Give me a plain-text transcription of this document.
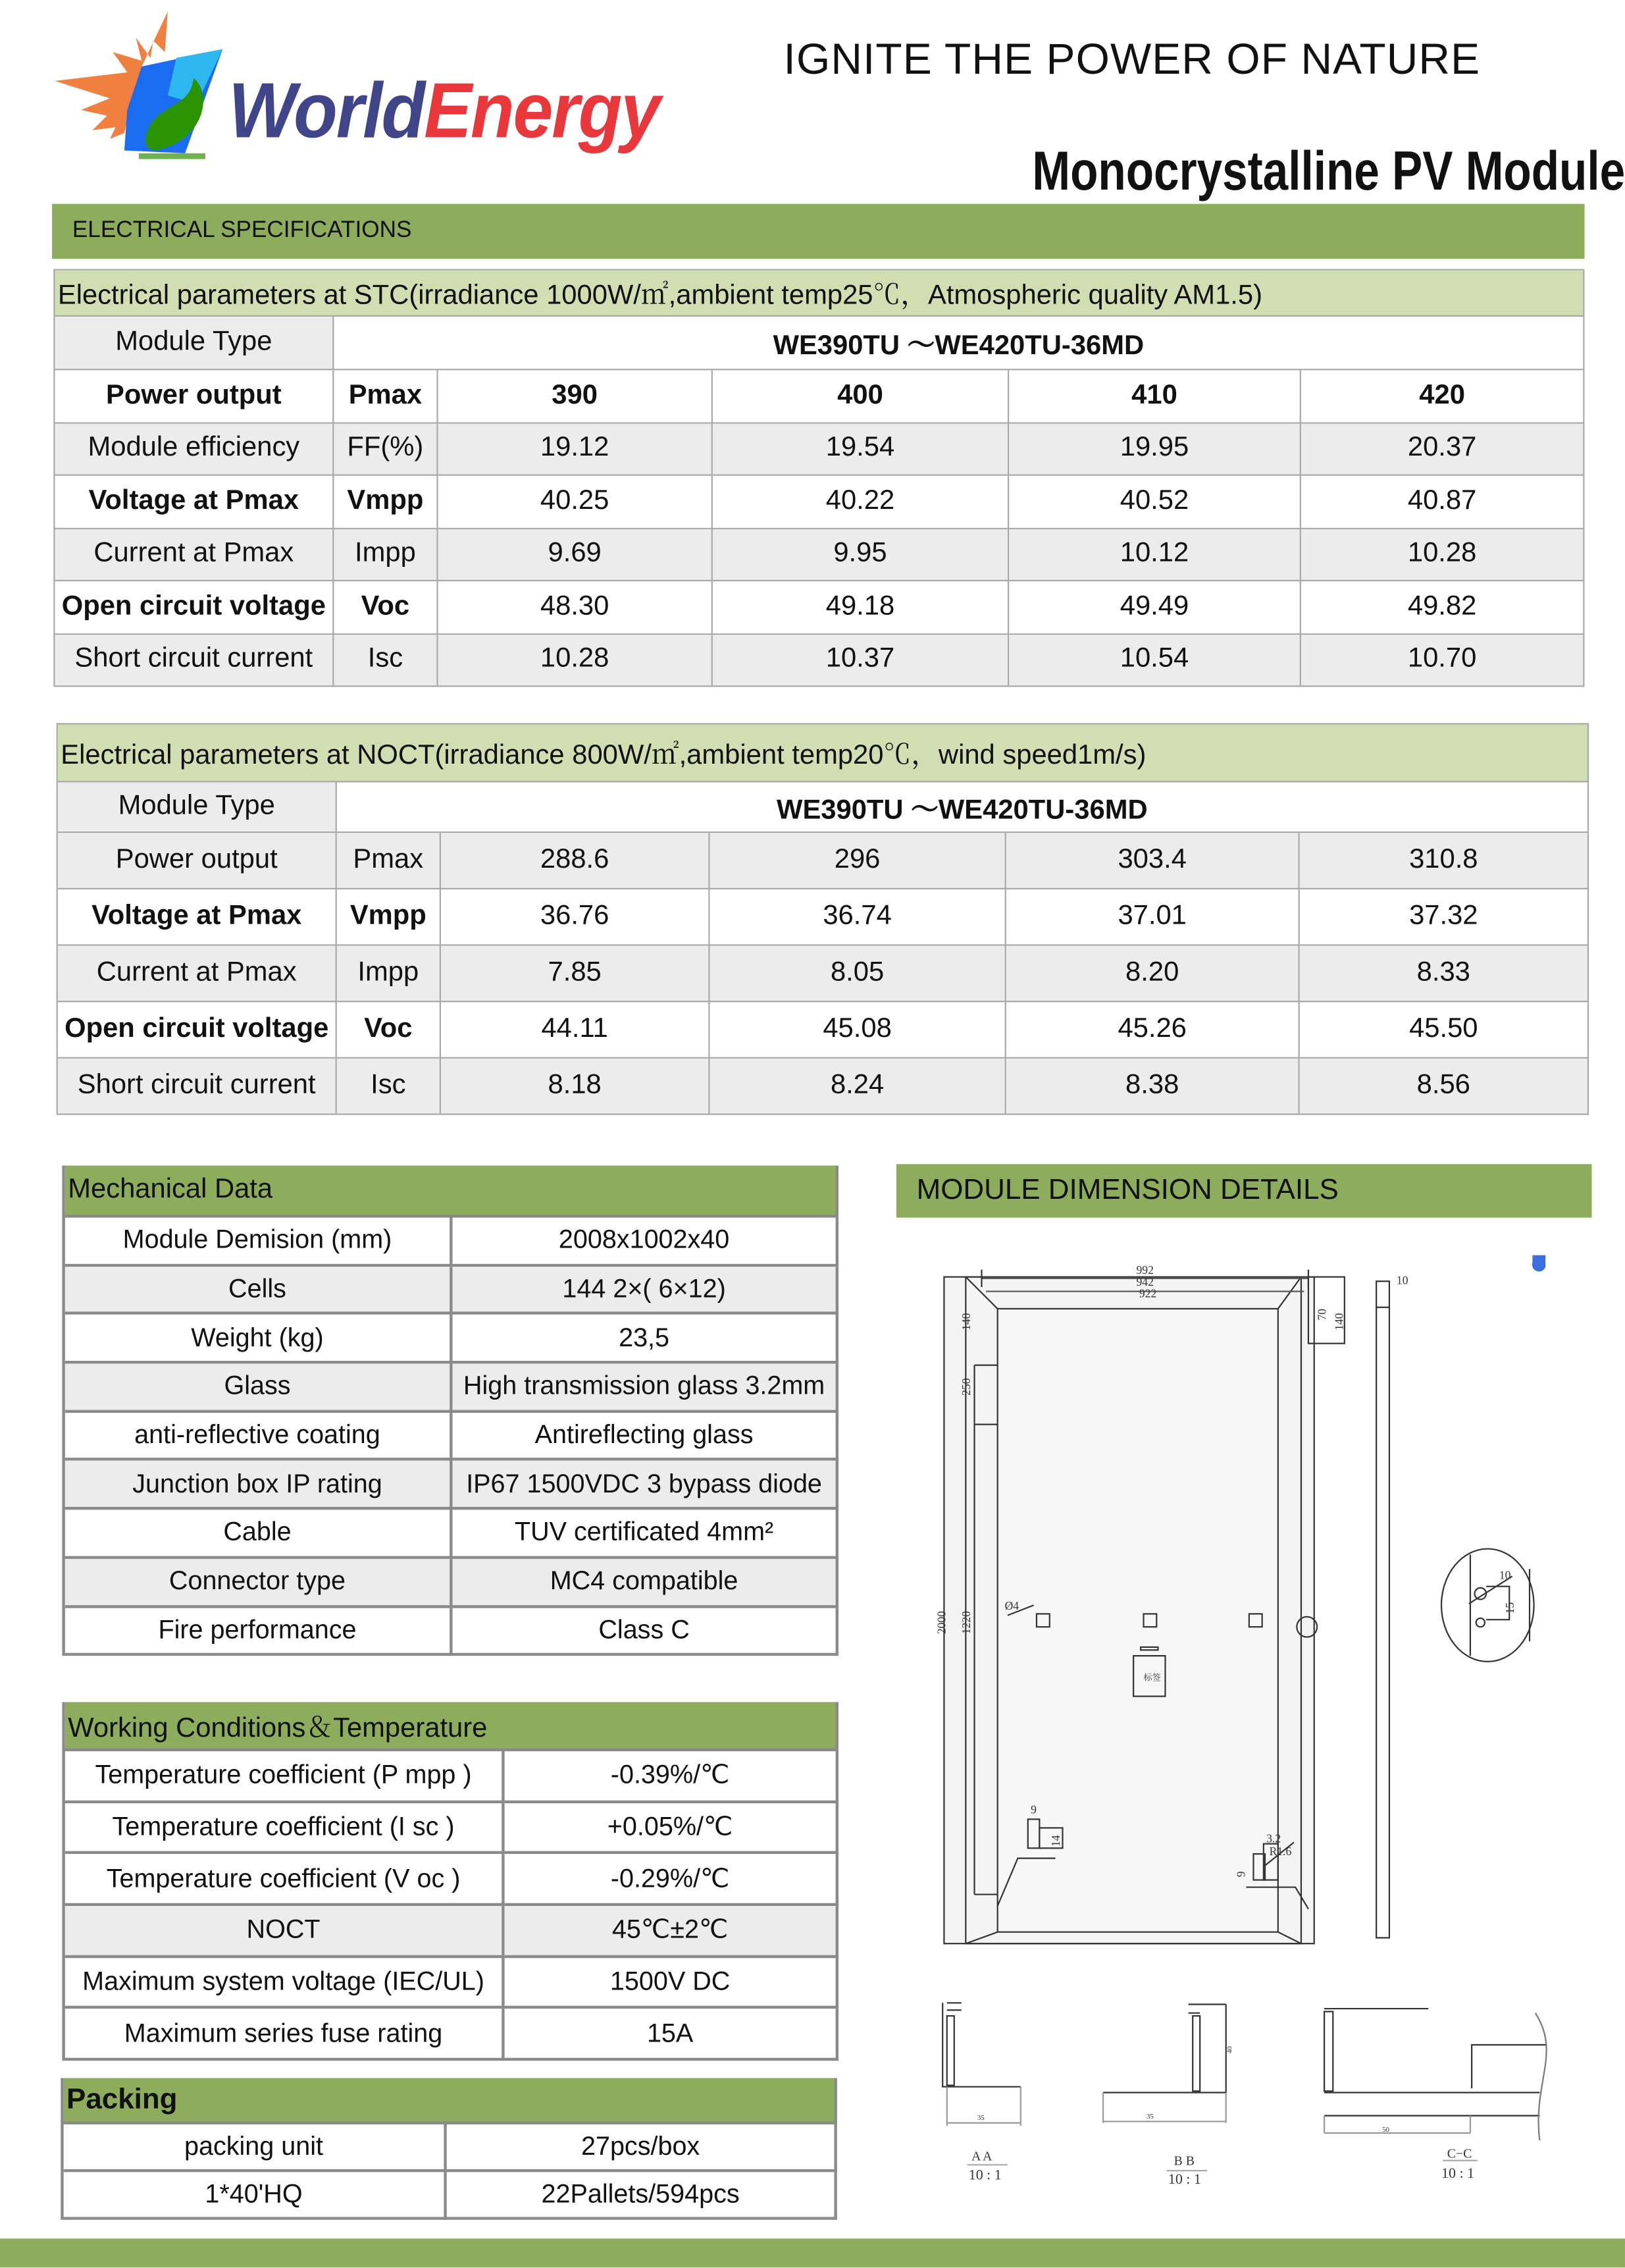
WorldEnergy
IGNITE THE POWER OF NATURE
Monocrystalline PV Module
ELECTRICAL SPECIFICATIONS
Electrical parameters at STC(irradiance 1000W/㎡,ambient temp25℃，Atmospheric quality AM1.5)
Module Type	WE390TU ～WE420TU-36MD
Power output	Pmax	390	400	410	420
Module efficiency	FF(%)	19.12	19.54	19.95	20.37
Voltage at Pmax	Vmpp	40.25	40.22	40.52	40.87
Current at Pmax	Impp	9.69	9.95	10.12	10.28
Open circuit voltage	Voc	48.30	49.18	49.49	49.82
Short circuit current	Isc	10.28	10.37	10.54	10.70
Electrical parameters at NOCT(irradiance 800W/㎡,ambient temp20℃，wind speed1m/s)
Module Type	WE390TU ～WE420TU-36MD
Power output	Pmax	288.6	296	303.4	310.8
Voltage at Pmax	Vmpp	36.76	36.74	37.01	37.32
Current at Pmax	Impp	7.85	8.05	8.20	8.33
Open circuit voltage	Voc	44.11	45.08	45.26	45.50
Short circuit current	Isc	8.18	8.24	8.38	8.56
Mechanical Data
Module Demision (mm)	2008x1002x40
Cells	144 2×( 6×12)
Weight (kg)	23,5
Glass	High transmission glass 3.2mm
anti-reflective coating	Antireflecting glass
Junction box IP rating	IP67 1500VDC 3 bypass diode
Cable	TUV certificated 4mm²
Connector type	MC4 compatible
Fire performance	Class C
Working Conditions＆Temperature
Temperature coefficient (P mpp )	-0.39%/℃
Temperature coefficient (I sc )	+0.05%/℃
Temperature coefficient (V oc )	-0.29%/℃
NOCT	45℃±2℃
Maximum system voltage (IEC/UL)	1500V DC
Maximum series fuse rating	15A
Packing
packing unit	27pcs/box
1*40'HQ	22Pallets/594pcs
MODULE DIMENSION DETAILS
992
942
922
140
250
1220
2000
70 140
10
Ø4
10
15
9
14	3.2
R1.6
9
标签
35	35
40
50
A A
10 : 1
B B
10 : 1
C−C
10 : 1
